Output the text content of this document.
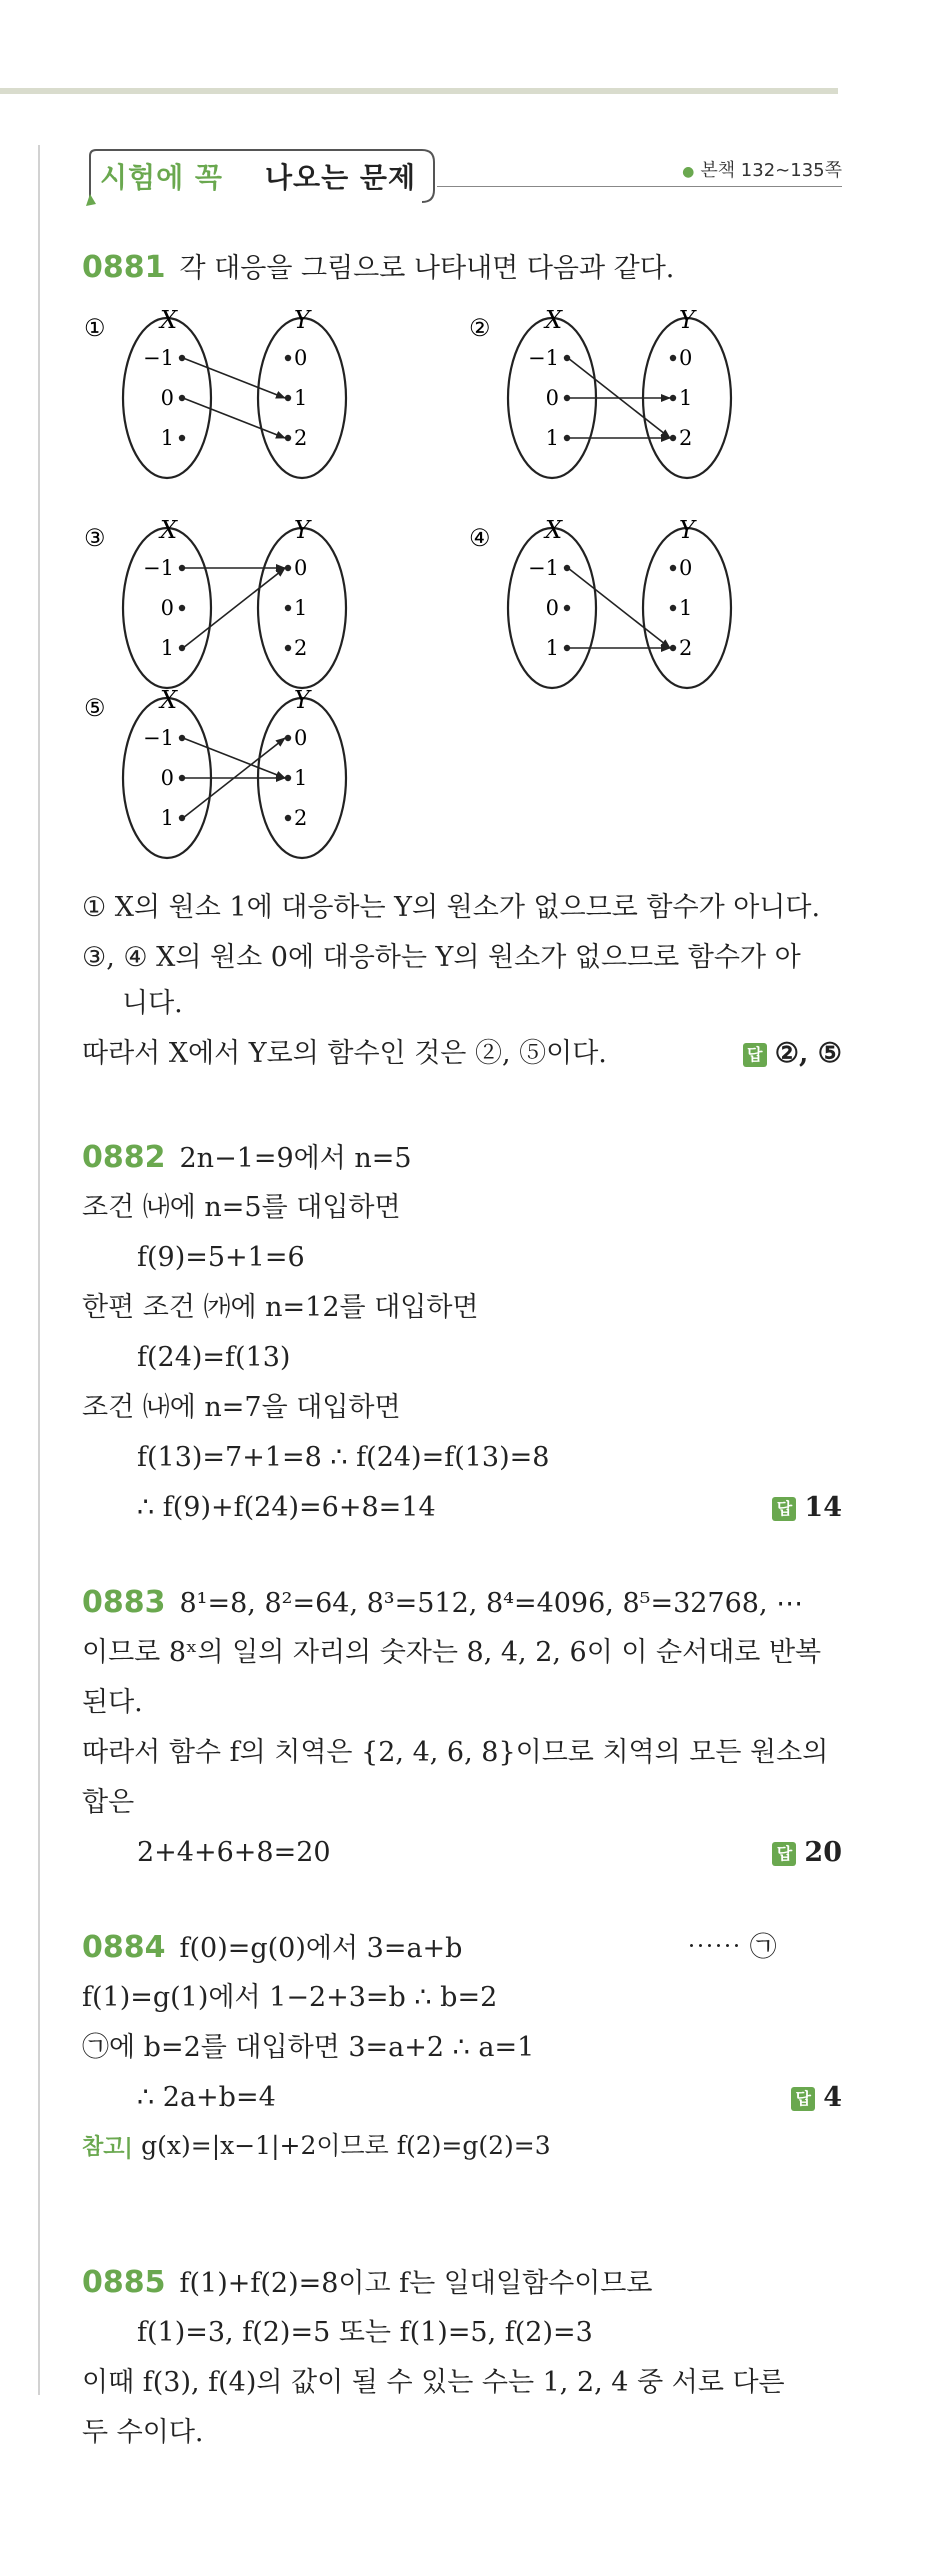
시험에 꼭 나오는 문제	● 본책 132∼135쪽
0881 각 대응을 그림으로 나타내면 다음과 같다.
① X	Y
−1	0
0	1
1	2
② X	Y
−1	0
0	1
1	2
③ X	Y
−1	0
0	1
1	2
④ X	Y
−1	0
0	1
1	2
⑤ X	Y
−1	0
0	1
1	2
① X의 원소 1에 대응하는 Y의 원소가 없으므로 함수가 아니다.
③, ④ X의 원소 0에 대응하는 Y의 원소가 없으므로 함수가 아
니다.
따라서 X에서 Y로의 함수인 것은 ②, ⑤이다.	답 ②, ⑤
0882 2n−1=9에서 n=5
조건 ㈏에 n=5를 대입하면
f(9)=5+1=6
한편 조건 ㈎에 n=12를 대입하면
f(24)=f(13)
조건 ㈏에 n=7을 대입하면
f(13)=7+1=8 ∴ f(24)=f(13)=8
∴ f(9)+f(24)=6+8=14	답 14
0883 8¹=8, 8²=64, 8³=512, 8⁴=4096, 8⁵=32768, ⋯
이므로 8ˣ의 일의 자리의 숫자는 8, 4, 2, 6이 이 순서대로 반복
된다.
따라서 함수 f의 치역은 {2, 4, 6, 8}이므로 치역의 모든 원소의
합은
2+4+6+8=20	답 20
0884 f(0)=g(0)에서 3=a+b	⋯⋯ ㉠
f(1)=g(1)에서 1−2+3=b ∴ b=2
㉠에 b=2를 대입하면 3=a+2 ∴ a=1
∴ 2a+b=4	답 4
참고| g(x)=|x−1|+2이므로 f(2)=g(2)=3
0885 f(1)+f(2)=8이고 f는 일대일함수이므로
f(1)=3, f(2)=5 또는 f(1)=5, f(2)=3
이때 f(3), f(4)의 값이 될 수 있는 수는 1, 2, 4 중 서로 다른
두 수이다.
